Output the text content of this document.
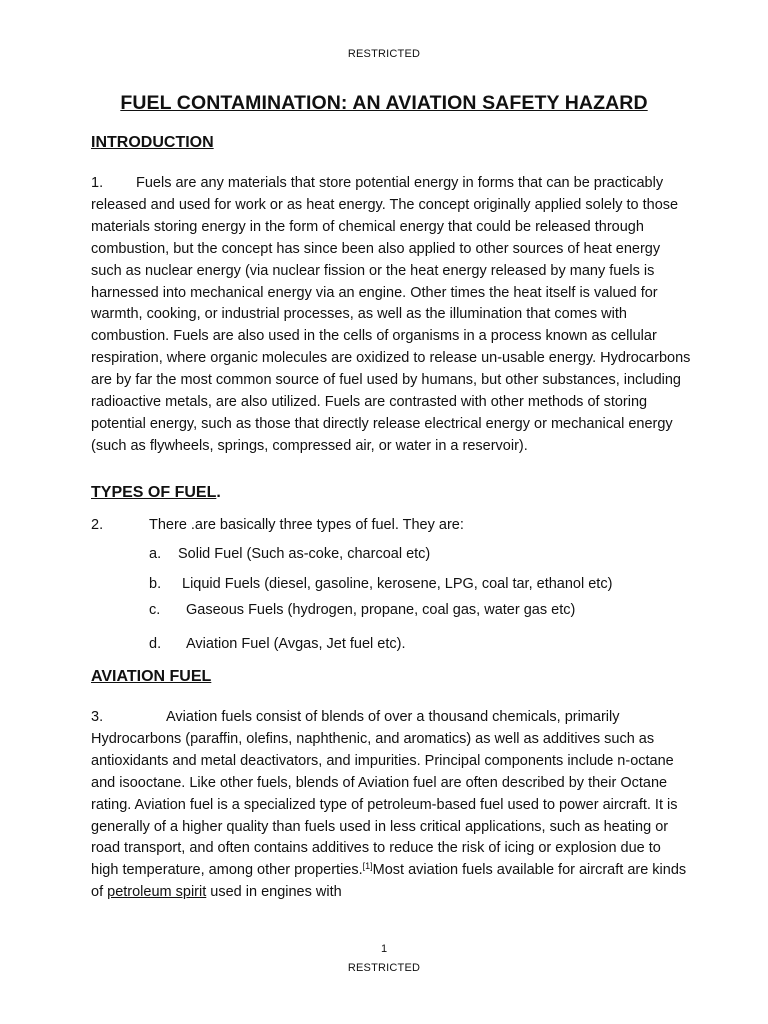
RESTRICTED
FUEL CONTAMINATION: AN AVIATION SAFETY HAZARD
INTRODUCTION

1. Fuels are any materials that store potential energy in forms that can be practicably released and used for work or as heat energy. The concept originally applied solely to those materials storing energy in the form of chemical energy that could be released through combustion, but the concept has since been also applied to other sources of heat energy such as nuclear energy (via nuclear fission or the heat energy released by many fuels is harnessed into mechanical energy via an engine. Other times the heat itself is valued for warmth, cooking, or industrial processes, as well as the illumination that comes with combustion. Fuels are also used in the cells of organisms in a process known as cellular respiration, where organic molecules are oxidized to release un-usable energy. Hydrocarbons are by far the most common source of fuel used by humans, but other substances, including radioactive metals, are also utilized. Fuels are contrasted with other methods of storing potential energy, such as those that directly release electrical energy or mechanical energy (such as flywheels, springs, compressed air, or water in a reservoir).

TYPES OF FUEL.
2.	There .are basically three types of fuel. They are:
a. Solid Fuel (Such as-coke, charcoal etc)
b. Liquid Fuels (diesel, gasoline, kerosene, LPG, coal tar, ethanol etc)
c. Gaseous Fuels (hydrogen, propane, coal gas, water gas etc)
d. Aviation Fuel (Avgas, Jet fuel etc).
AVIATION FUEL

3.	Aviation fuels consist of blends of over a thousand chemicals, primarily Hydrocarbons (paraffin, olefins, naphthenic, and aromatics) as well as additives such as antioxidants and metal deactivators, and impurities. Principal components include n-octane and isooctane. Like other fuels, blends of Aviation fuel are often described by their Octane rating. Aviation fuel is a specialized type of petroleum-based fuel used to power aircraft. It is generally of a higher quality than fuels used in less critical applications, such as heating or road transport, and often contains additives to reduce the risk of icing or explosion due to high temperature, among other properties.[1]Most aviation fuels available for aircraft are kinds of petroleum spirit used in engines with

1
RESTRICTED
